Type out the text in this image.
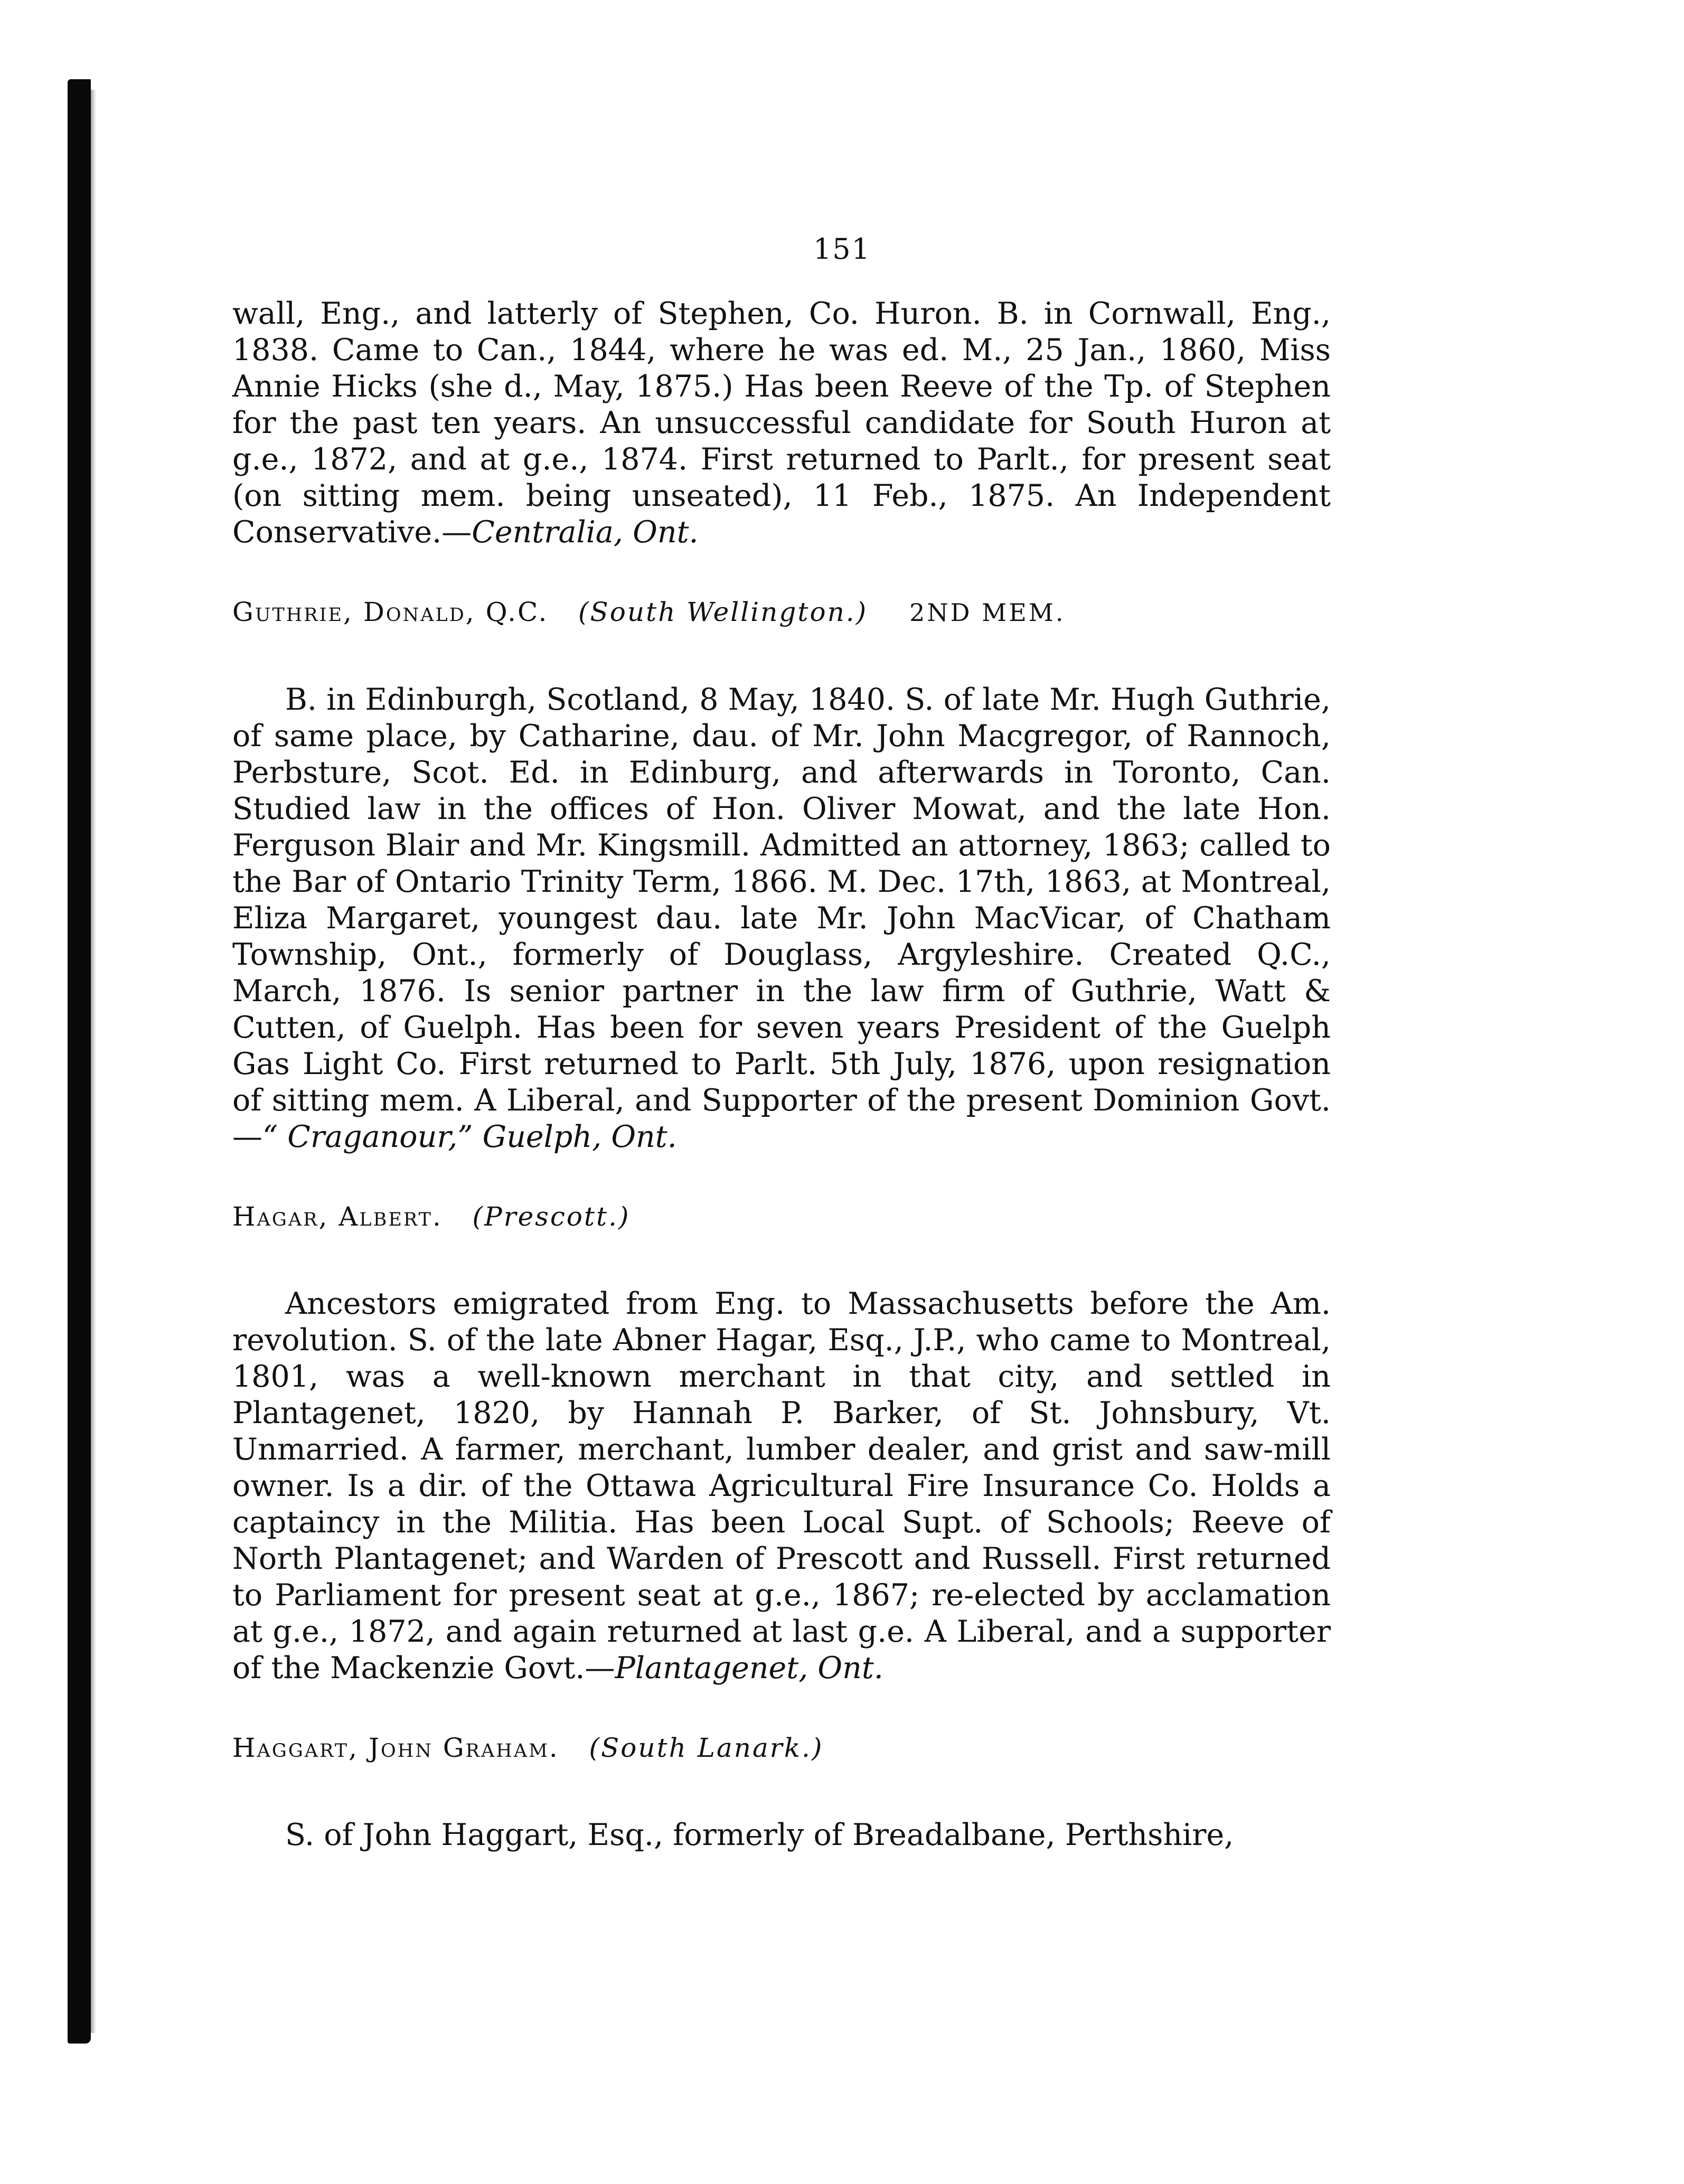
151

wall, Eng., and latterly of Stephen, Co. Huron. B. in Cornwall, Eng., 1838. Came to Can., 1844, where he was ed. M., 25 Jan., 1860, Miss Annie Hicks (she d., May, 1875.) Has been Reeve of the Tp. of Stephen for the past ten years. An unsuccessful candidate for South Huron at g.e., 1872, and at g.e., 1874. First returned to Parlt., for present seat (on sitting mem. being unseated), 11 Feb., 1875. An Independent Conservative.—Centralia, Ont.

Guthrie, Donald, Q.C. (South Wellington.) 2ND MEM.

B. in Edinburgh, Scotland, 8 May, 1840. S. of late Mr. Hugh Guthrie, of same place, by Catharine, dau. of Mr. John Macgregor, of Rannoch, Perbsture, Scot. Ed. in Edinburg, and afterwards in Toronto, Can. Studied law in the offices of Hon. Oliver Mowat, and the late Hon. Ferguson Blair and Mr. Kingsmill. Admitted an attorney, 1863; called to the Bar of Ontario Trinity Term, 1866. M. Dec. 17th, 1863, at Montreal, Eliza Margaret, youngest dau. late Mr. John MacVicar, of Chatham Township, Ont., formerly of Douglass, Argyleshire. Created Q.C., March, 1876. Is senior partner in the law firm of Guthrie, Watt & Cutten, of Guelph. Has been for seven years President of the Guelph Gas Light Co. First returned to Parlt. 5th July, 1876, upon resignation of sitting mem. A Liberal, and Supporter of the present Dominion Govt.—“ Craganour,” Guelph, Ont.

Hagar, Albert. (Prescott.)

Ancestors emigrated from Eng. to Massachusetts before the Am. revolution. S. of the late Abner Hagar, Esq., J.P., who came to Montreal, 1801, was a well-known merchant in that city, and settled in Plantagenet, 1820, by Hannah P. Barker, of St. Johnsbury, Vt. Unmarried. A farmer, merchant, lumber dealer, and grist and saw-mill owner. Is a dir. of the Ottawa Agricultural Fire Insurance Co. Holds a captaincy in the Militia. Has been Local Supt. of Schools; Reeve of North Plantagenet; and Warden of Prescott and Russell. First returned to Parliament for present seat at g.e., 1867; re-elected by acclamation at g.e., 1872, and again returned at last g.e. A Liberal, and a supporter of the Mackenzie Govt.—Plantagenet, Ont.

Haggart, John Graham. (South Lanark.)

S. of John Haggart, Esq., formerly of Breadalbane, Perthshire,
